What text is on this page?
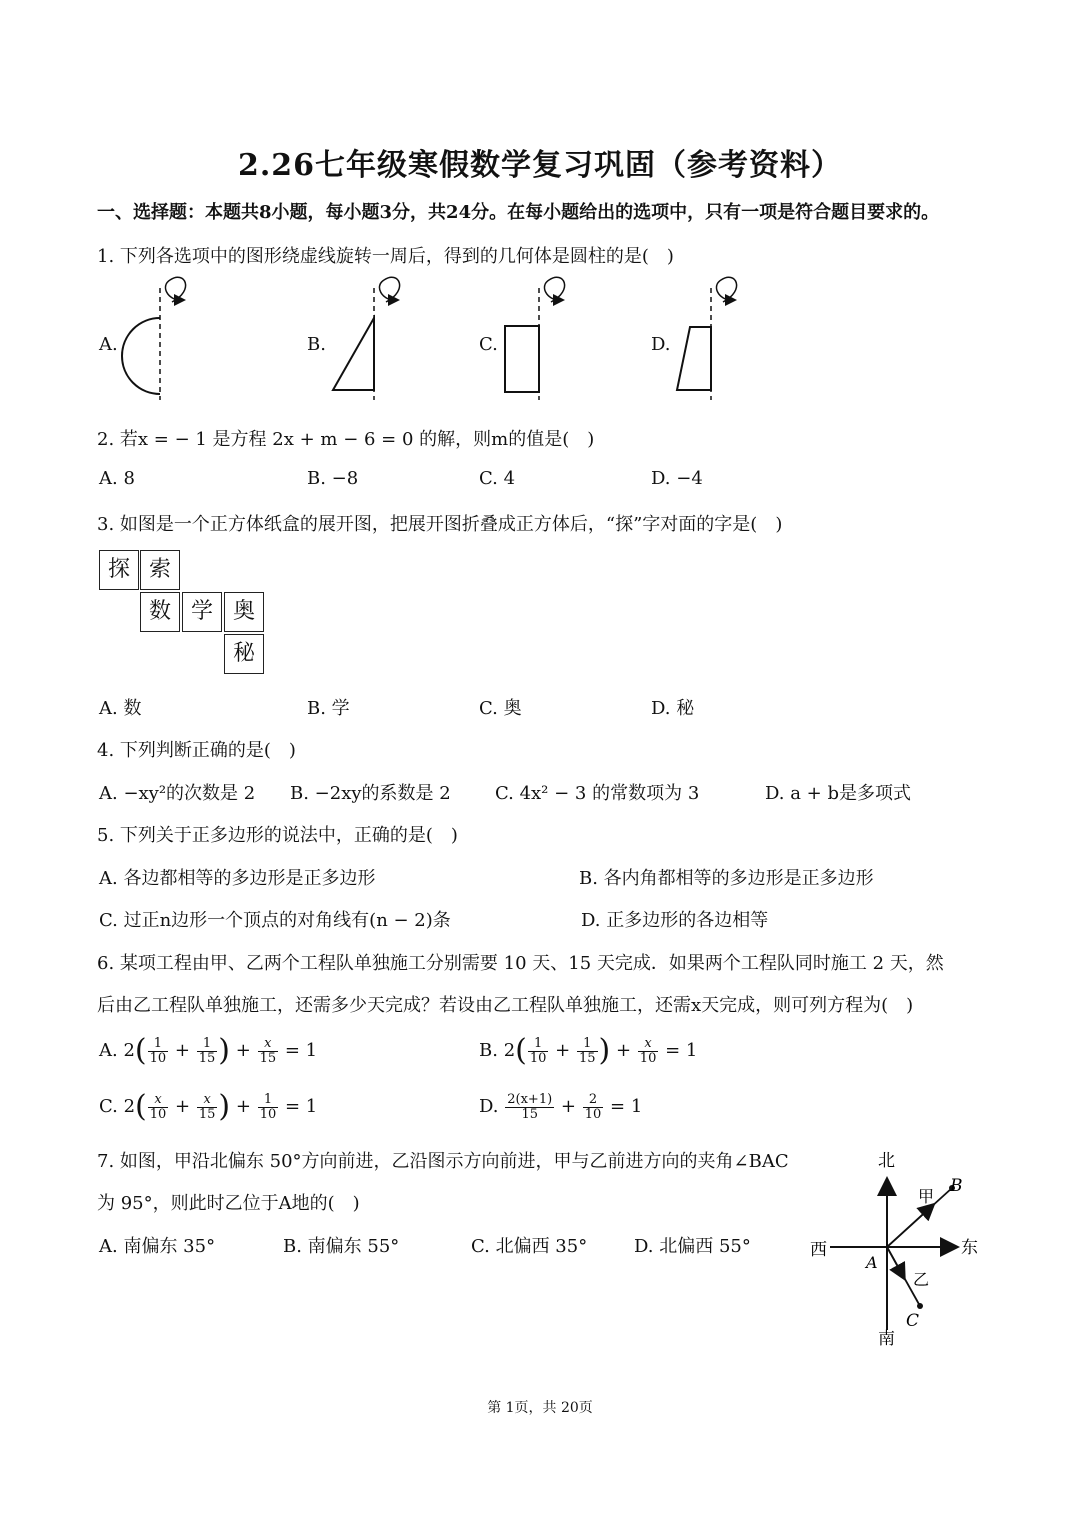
2.26七年级寒假数学复习巩固（参考资料）
一、选择题：本题共8小题，每小题3分，共24分。在每小题给出的选项中，只有一项是符合题目要求的。
1. 下列各选项中的图形绕虚线旋转一周后，得到的几何体是圆柱的是(　)
A.	B.	C.	D.
2. 若x = − 1 是方程 2x + m − 6 = 0 的解，则m的值是(　)
A. 8	B. −8	C. 4	D. −4
3. 如图是一个正方体纸盒的展开图，把展开图折叠成正方体后，“探”字对面的字是(　)
探 索
数 学 奥
秘
A. 数	B. 学	C. 奥	D. 秘
4. 下列判断正确的是(　)
A. −xy²的次数是 2 B. −2xy的系数是 2 C. 4x² − 3 的常数项为 3	D. a + b是多项式
5. 下列关于正多边形的说法中，正确的是(　)
A. 各边都相等的多边形是正多边形	B. 各内角都相等的多边形是正多边形
C. 过正n边形一个顶点的对角线有(n − 2)条	D. 正多边形的各边相等
6. 某项工程由甲、乙两个工程队单独施工分别需要 10 天、15 天完成．如果两个工程队同时施工 2 天，然
后由乙工程队单独施工，还需多少天完成？若设由乙工程队单独施工，还需x天完成，则可列方程为(　)
A. $2( \frac{1}{10} + \frac{1}{15}$ ) + $\frac{x}{15} = 1$	B. $2( \frac{1}{10} + \frac{1}{15}$ ) + $\frac{x}{10} = 1$
C. $2( \frac{x}{10} + \frac{x}{15}$ ) + $\frac{1}{10} = 1$	D. $\frac{2(x+1)}{15} + \frac{2}{10} = 1$
7. 如图，甲沿北偏东 50°方向前进，乙沿图示方向前进，甲与乙前进方向的夹角∠BAC
为 95°，则此时乙位于A地的(　)
A. 南偏东 35°	B. 南偏东 55°	C. 北偏西 35°	D. 北偏西 55°
北
南
东
西
甲
乙
A
B
C
第 1页，共 20页
